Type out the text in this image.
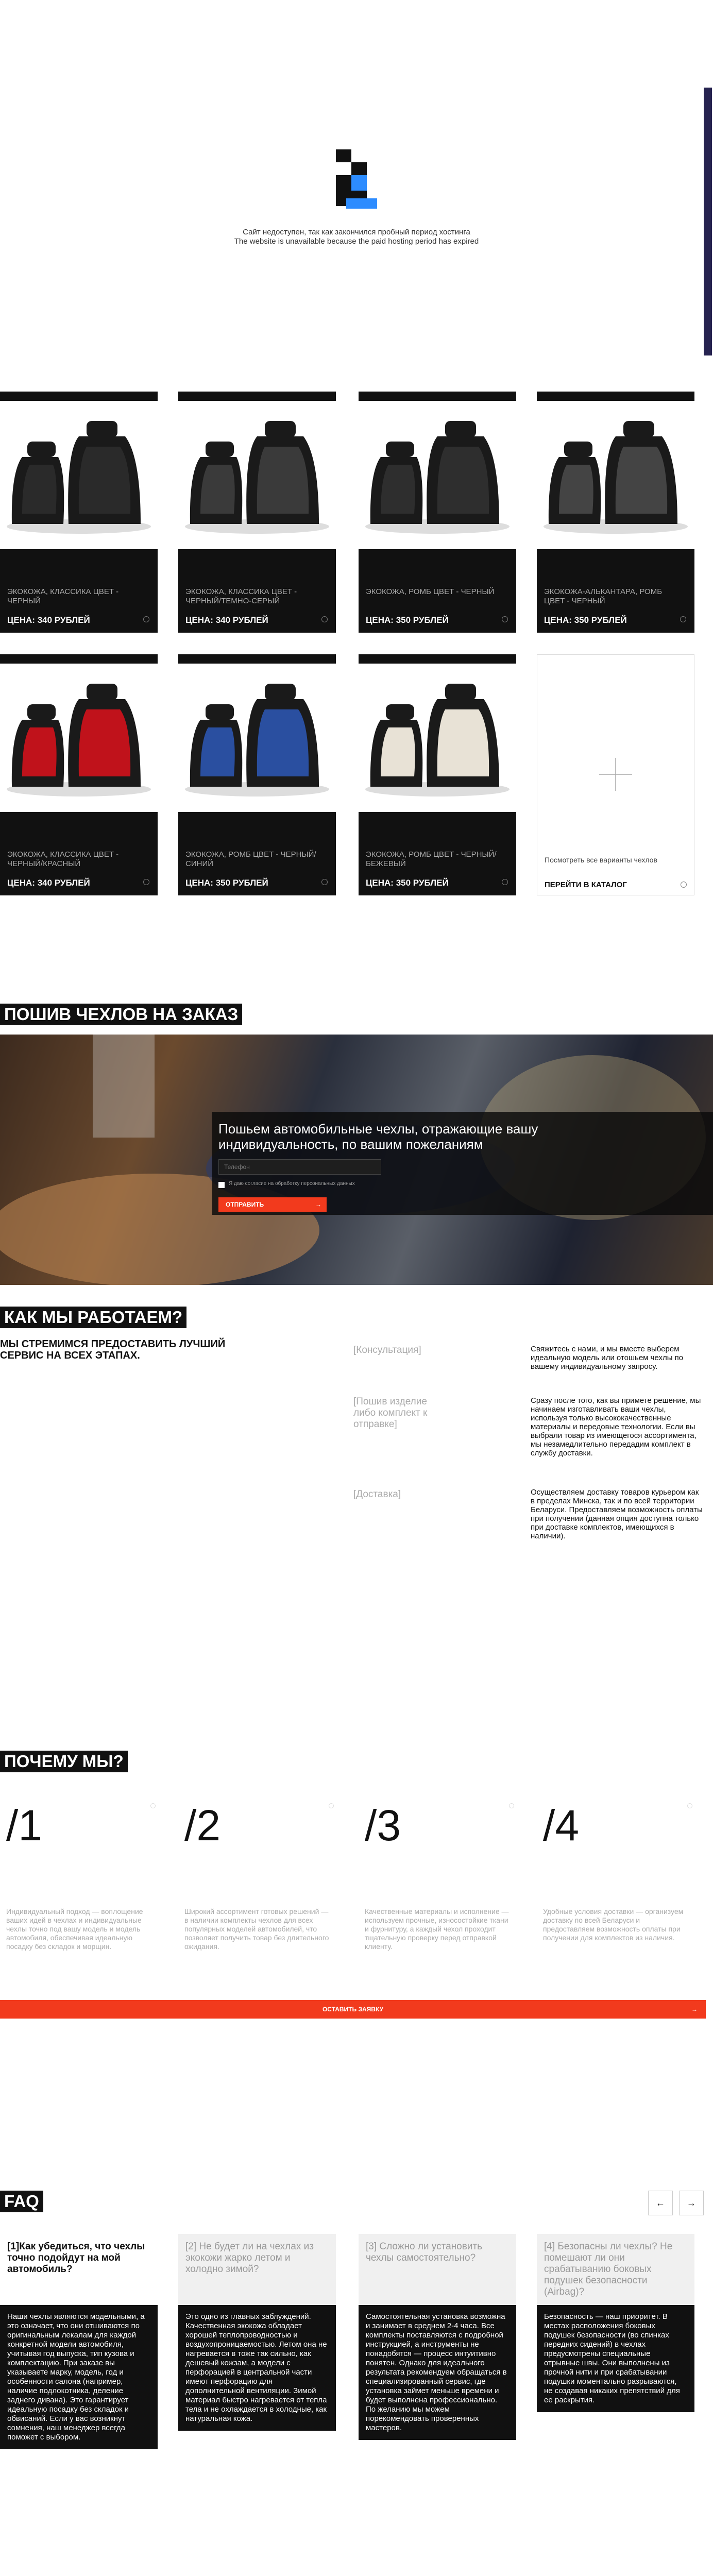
Сайт недоступен, так как закончился пробный период хостинга
The website is unavailable because the paid hosting period has expired
ЭКОКОЖА, КЛАССИКА ЦВЕТ - ЧЕРНЫЙ
ЦЕНА: 340 РУБЛЕЙ
ЭКОКОЖА, КЛАССИКА ЦВЕТ - ЧЕРНЫЙ/ТЕМНО-СЕРЫЙ
ЦЕНА: 340 РУБЛЕЙ
ЭКОКОЖА, РОМБ ЦВЕТ - ЧЕРНЫЙ
ЦЕНА: 350 РУБЛЕЙ
ЭКОКОЖА-АЛЬКАНТАРА, РОМБ ЦВЕТ - ЧЕРНЫЙ
ЦЕНА: 350 РУБЛЕЙ
ЭКОКОЖА, КЛАССИКА ЦВЕТ - ЧЕРНЫЙ/КРАСНЫЙ
ЦЕНА: 340 РУБЛЕЙ
ЭКОКОЖА, РОМБ ЦВЕТ - ЧЕРНЫЙ/СИНИЙ
ЦЕНА: 350 РУБЛЕЙ
ЭКОКОЖА, РОМБ ЦВЕТ - ЧЕРНЫЙ/БЕЖЕВЫЙ
ЦЕНА: 350 РУБЛЕЙ
Посмотреть все варианты чехлов
ПЕРЕЙТИ В КАТАЛОГ
ПОШИВ ЧЕХЛОВ НА ЗАКАЗ
Пошьем автомобильные чехлы, отражающие вашу индивидуальность, по вашим пожеланиям
Телефон
Я даю согласие на обработку персональных данных
ОТПРАВИТЬ	→
КАК МЫ РАБОТАЕМ?
МЫ СТРЕМИМСЯ ПРЕДОСТАВИТЬ ЛУЧШИЙ СЕРВИС НА ВСЕХ ЭТАПАХ.	[Консультация]	Свяжитесь с нами, и мы вместе выберем идеальную модель или отошьем чехлы по вашему индивидуальному запросу.
[Пошив изделие либо комплект к отправке]
Сразу после того, как вы примете решение, мы начинаем изготавливать ваши чехлы, используя только высококачественные материалы и передовые технологии. Если вы выбрали товар из имеющегося ассортимента, мы незамедлительно передадим комплект в службу доставки.
[Доставка]	Осуществляем доставку товаров курьером как в пределах Минска, так и по всей территории Беларуси. Предоставляем возможность оплаты при получении (данная опция доступна только при доставке комплектов, имеющихся в наличии).
ПОЧЕМУ МЫ?
/1
Индивидуальный подход — воплощение ваших идей в чехлах и индивидуальные чехлы точно под вашу модель и модель автомобиля, обеспечивая идеальную посадку без складок и морщин.
/2
Широкий ассортимент готовых решений — в наличии комплекты чехлов для всех популярных моделей автомобилей, что позволяет получить товар без длительного ожидания.
/3
Качественные материалы и исполнение — используем прочные, износостойкие ткани и фурнитуру, а каждый чехол проходит тщательную проверку перед отправкой клиенту.
/4
Удобные условия доставки — организуем доставку по всей Беларуси и предоставляем возможность оплаты при получении для комплектов из наличия.
ОСТАВИТЬ ЗАЯВКУ	→
FAQ	← →
[1]Как убедиться, что чехлы точно подойдут на мой автомобиль?
Наши чехлы являются модельными, а это означает, что они отшиваются по оригинальным лекалам для каждой конкретной модели автомобиля, учитывая год выпуска, тип кузова и комплектацию. При заказе вы указываете марку, модель, год и особенности салона (например, наличие подлокотника, деление заднего дивана). Это гарантирует идеальную посадку без складок и обвисаний. Если у вас возникнут сомнения, наш менеджер всегда поможет с выбором.
[2] Не будет ли на чехлах из экокожи жарко летом и холодно зимой?
Это одно из главных заблуждений. Качественная экокожа обладает хорошей теплопроводностью и воздухопроницаемостью. Летом она не нагревается в тоже так сильно, как дешевый кожзам, а модели с перфорацией в центральной части имеют перфорацию для дополнительной вентиляции. Зимой материал быстро нагревается от тепла тела и не охлаждается в холодные, как натуральная кожа.
[3] Сложно ли установить чехлы самостоятельно?
Самостоятельная установка возможна и занимает в среднем 2-4 часа. Все комплекты поставляются с подробной инструкцией, а инструменты не понадобятся — процесс интуитивно понятен. Однако для идеального результата рекомендуем обращаться в специализированный сервис, где установка займет меньше времени и будет выполнена профессионально. По желанию мы можем порекомендовать проверенных мастеров.
[4] Безопасны ли чехлы? Не помешают ли они срабатыванию боковых подушек безопасности (Airbag)?
Безопасность — наш приоритет. В местах расположения боковых подушек безопасности (во спинках передних сидений) в чехлах предусмотрены специальные отрывные швы. Они выполнены из прочной нити и при срабатывании подушки моментально разрываются, не создавая никаких препятствий для ее раскрытия.
